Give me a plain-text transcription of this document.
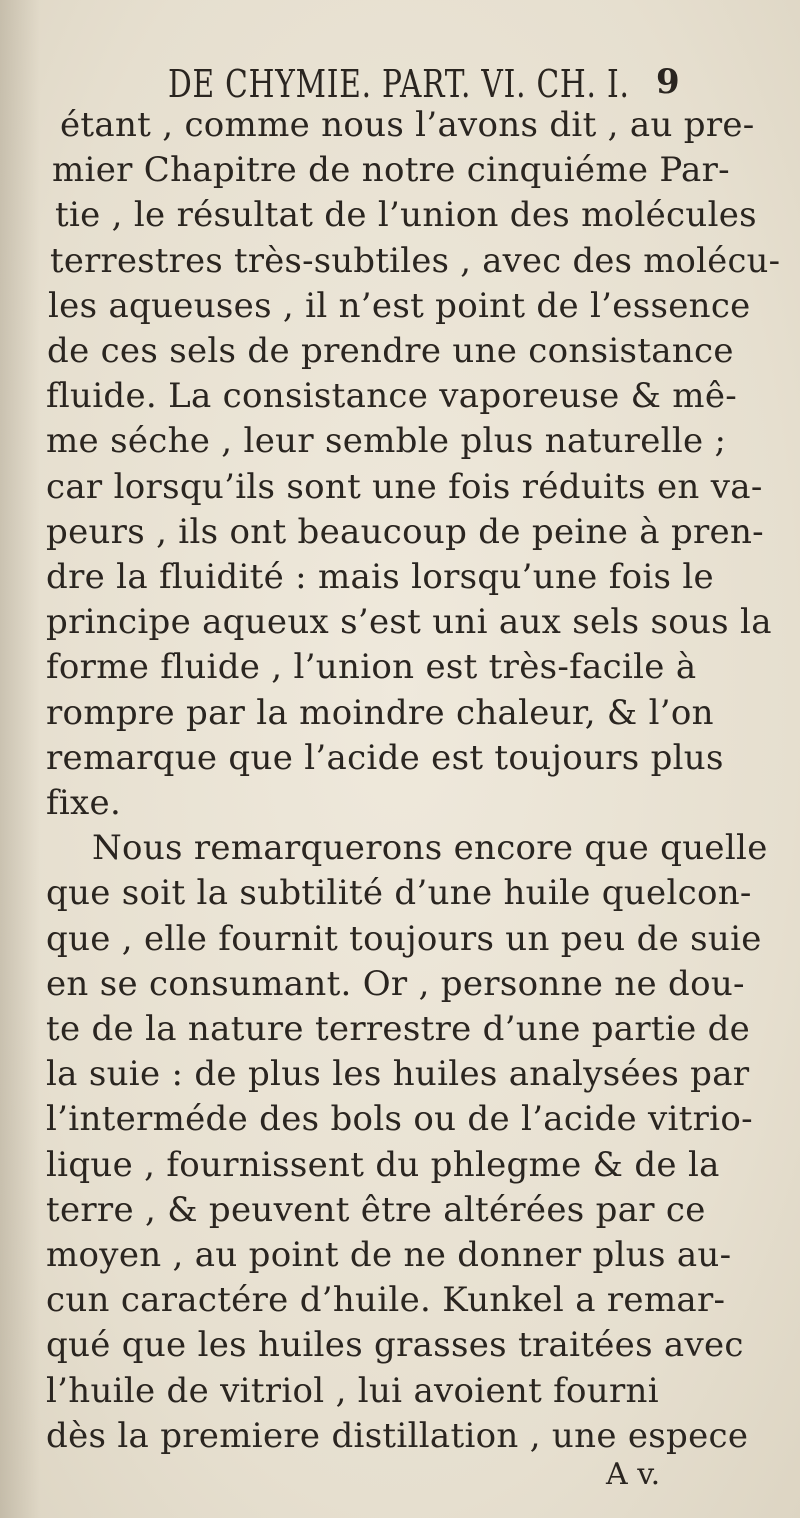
DE CHYMIE. PART. VI. CH. I. 9
étant , comme nous l’avons dit , au pre-
mier Chapitre de notre cinquiéme Par-
tie , le résultat de l’union des molécules
terrestres très-subtiles , avec des molécu-
les aqueuses , il n’est point de l’essence
de ces sels de prendre une consistance
fluide. La consistance vaporeuse & mê-
me séche , leur semble plus naturelle ;
car lorsqu’ils sont une fois réduits en va-
peurs , ils ont beaucoup de peine à pren-
dre la fluidité : mais lorsqu’une fois le
principe aqueux s’est uni aux sels sous la
forme fluide , l’union est très-facile à
rompre par la moindre chaleur, & l’on
remarque que l’acide est toujours plus
fixe.
Nous remarquerons encore que quelle
que soit la subtilité d’une huile quelcon-
que , elle fournit toujours un peu de suie
en se consumant. Or , personne ne dou-
te de la nature terrestre d’une partie de
la suie : de plus les huiles analysées par
l’interméde des bols ou de l’acide vitrio-
lique , fournissent du phlegme & de la
terre , & peuvent être altérées par ce
moyen , au point de ne donner plus au-
cun caractére d’huile. Kunkel a remar-
qué que les huiles grasses traitées avec
l’huile de vitriol , lui avoient fourni
dès la premiere distillation , une espece
A v.
